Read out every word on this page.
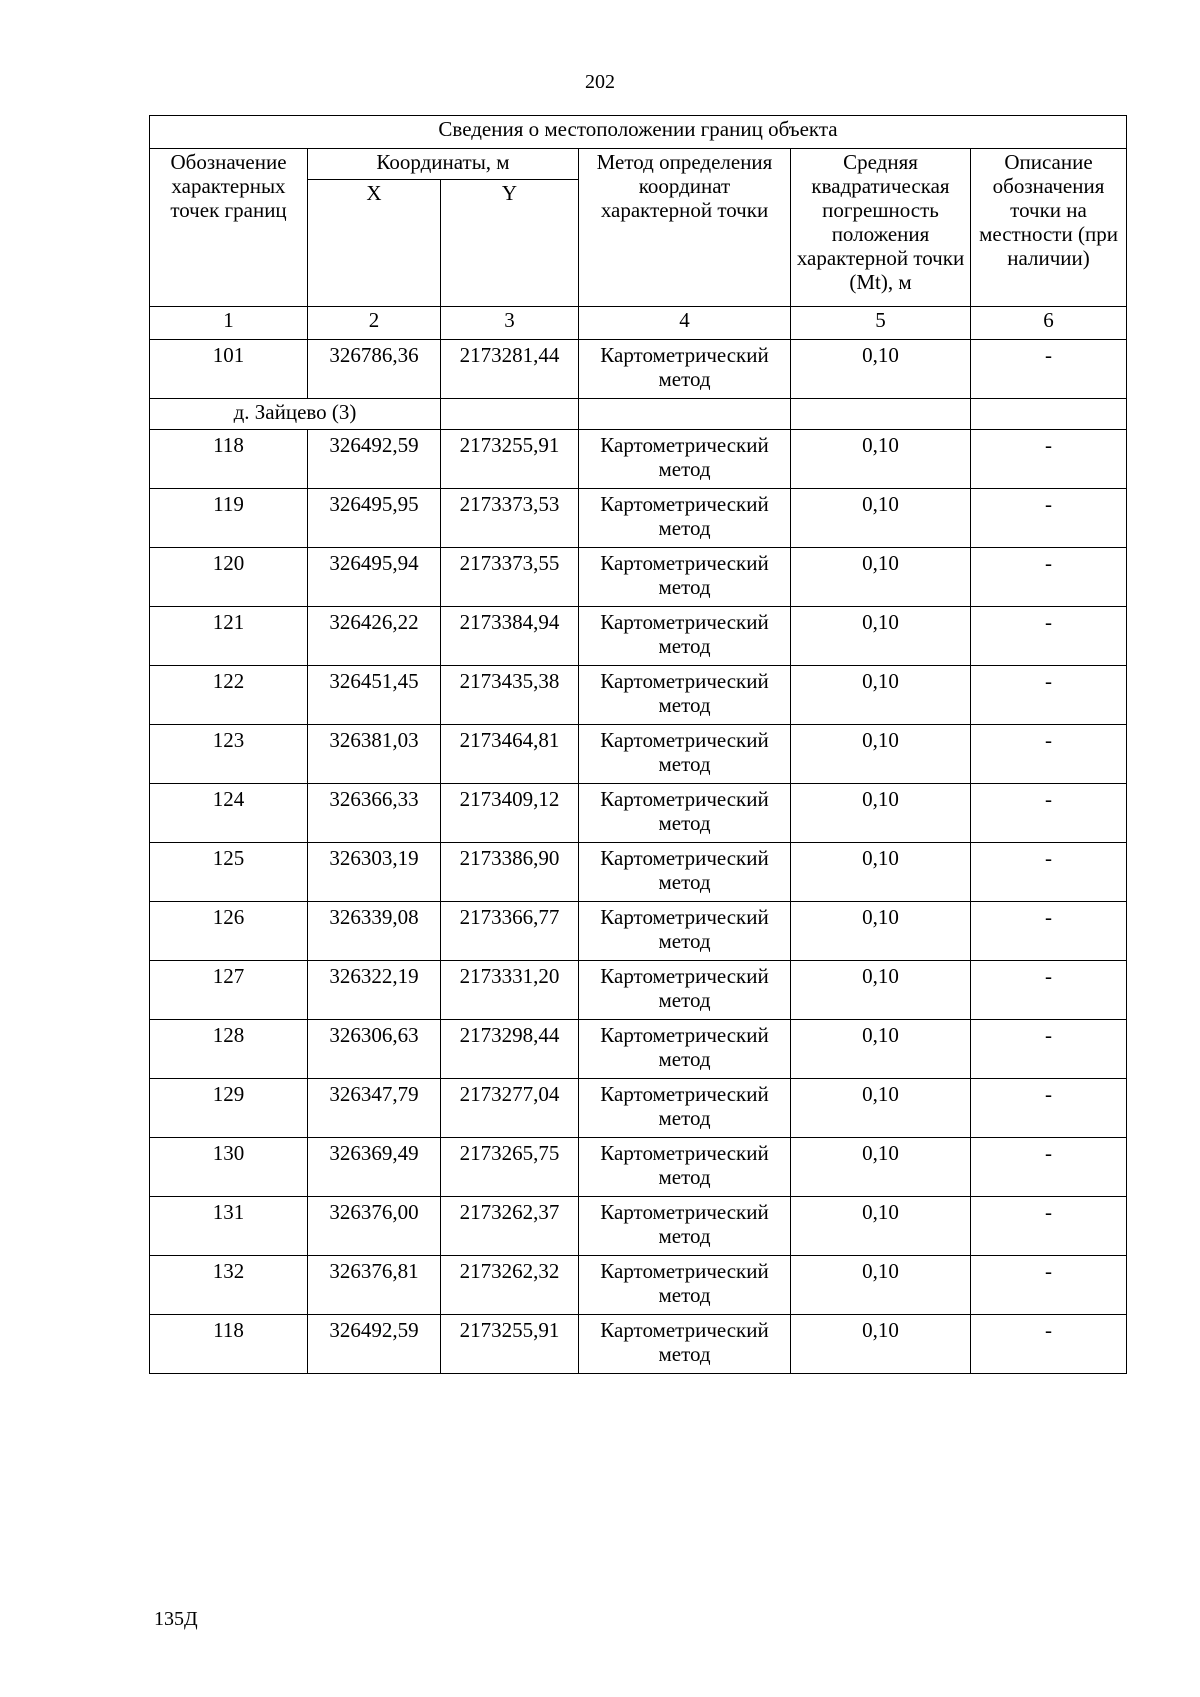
202
Сведения о местоположении границ объекта					
Обозначение характерных точек границ	Координаты, м		Метод определения координат характерной точки	Средняя квадратическая погрешность положения характерной точки (Mt), м	Описание обозначения точки на местности (при наличии)
	X	Y			
1	2	3	4	5	6
101	326786,36	2173281,44	Картометрический метод	0,10	-
д. Зайцево (3)					
118	326492,59	2173255,91	Картометрический метод	0,10	-
119	326495,95	2173373,53	Картометрический метод	0,10	-
120	326495,94	2173373,55	Картометрический метод	0,10	-
121	326426,22	2173384,94	Картометрический метод	0,10	-
122	326451,45	2173435,38	Картометрический метод	0,10	-
123	326381,03	2173464,81	Картометрический метод	0,10	-
124	326366,33	2173409,12	Картометрический метод	0,10	-
125	326303,19	2173386,90	Картометрический метод	0,10	-
126	326339,08	2173366,77	Картометрический метод	0,10	-
127	326322,19	2173331,20	Картометрический метод	0,10	-
128	326306,63	2173298,44	Картометрический метод	0,10	-
129	326347,79	2173277,04	Картометрический метод	0,10	-
130	326369,49	2173265,75	Картометрический метод	0,10	-
131	326376,00	2173262,37	Картометрический метод	0,10	-
132	326376,81	2173262,32	Картометрический метод	0,10	-
118	326492,59	2173255,91	Картометрический метод	0,10	-
135Д
